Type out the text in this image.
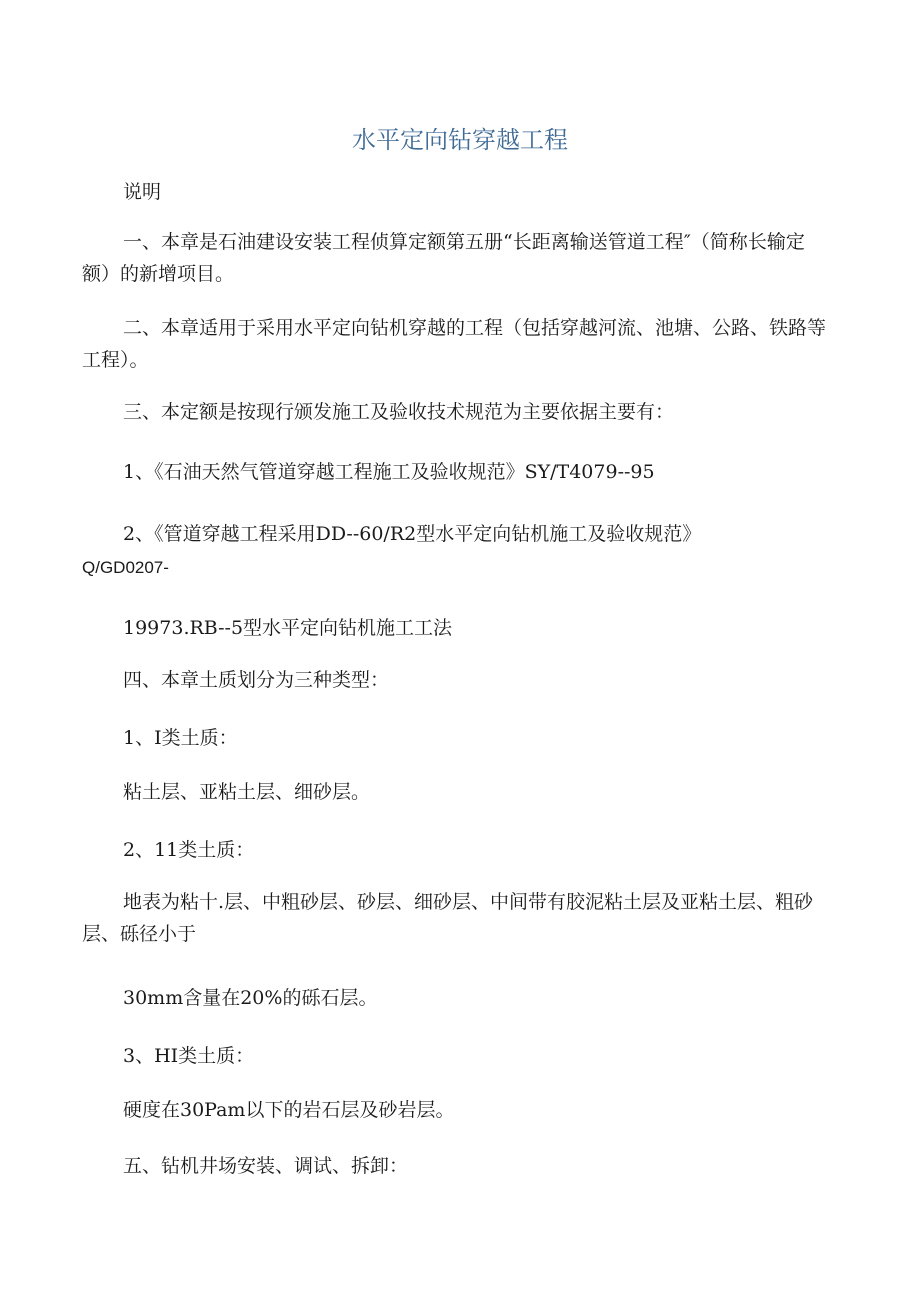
水平定向钻穿越工程

说明

一、本章是石油建设安装工程侦算定额第五册“长距离输送管道工程″（简称长输定额）的新增项目。

二、本章适用于采用水平定向钻机穿越的工程（包括穿越河流、池塘、公路、铁路等工程）。

三、本定额是按现行颁发施工及验收技术规范为主要依据主要有：

1、《石油天然气管道穿越工程施工及验收规范》SY/T4079--95

2、《管道穿越工程采用DD--60/R2型水平定向钻机施工及验收规范》

Q/GD0207-

19973.RB--5型水平定向钻机施工工法

四、本章土质划分为三种类型：

1、I类土质：

粘土层、亚粘土层、细砂层。

2、11类土质：

地表为粘十.层、中粗砂层、砂层、细砂层、中间带有胶泥粘土层及亚粘土层、粗砂层、砾径小于

30mm含量在20%的砾石层。

3、HI类土质：

硬度在30Pam以下的岩石层及砂岩层。

五、钻机井场安装、调试、拆卸：
